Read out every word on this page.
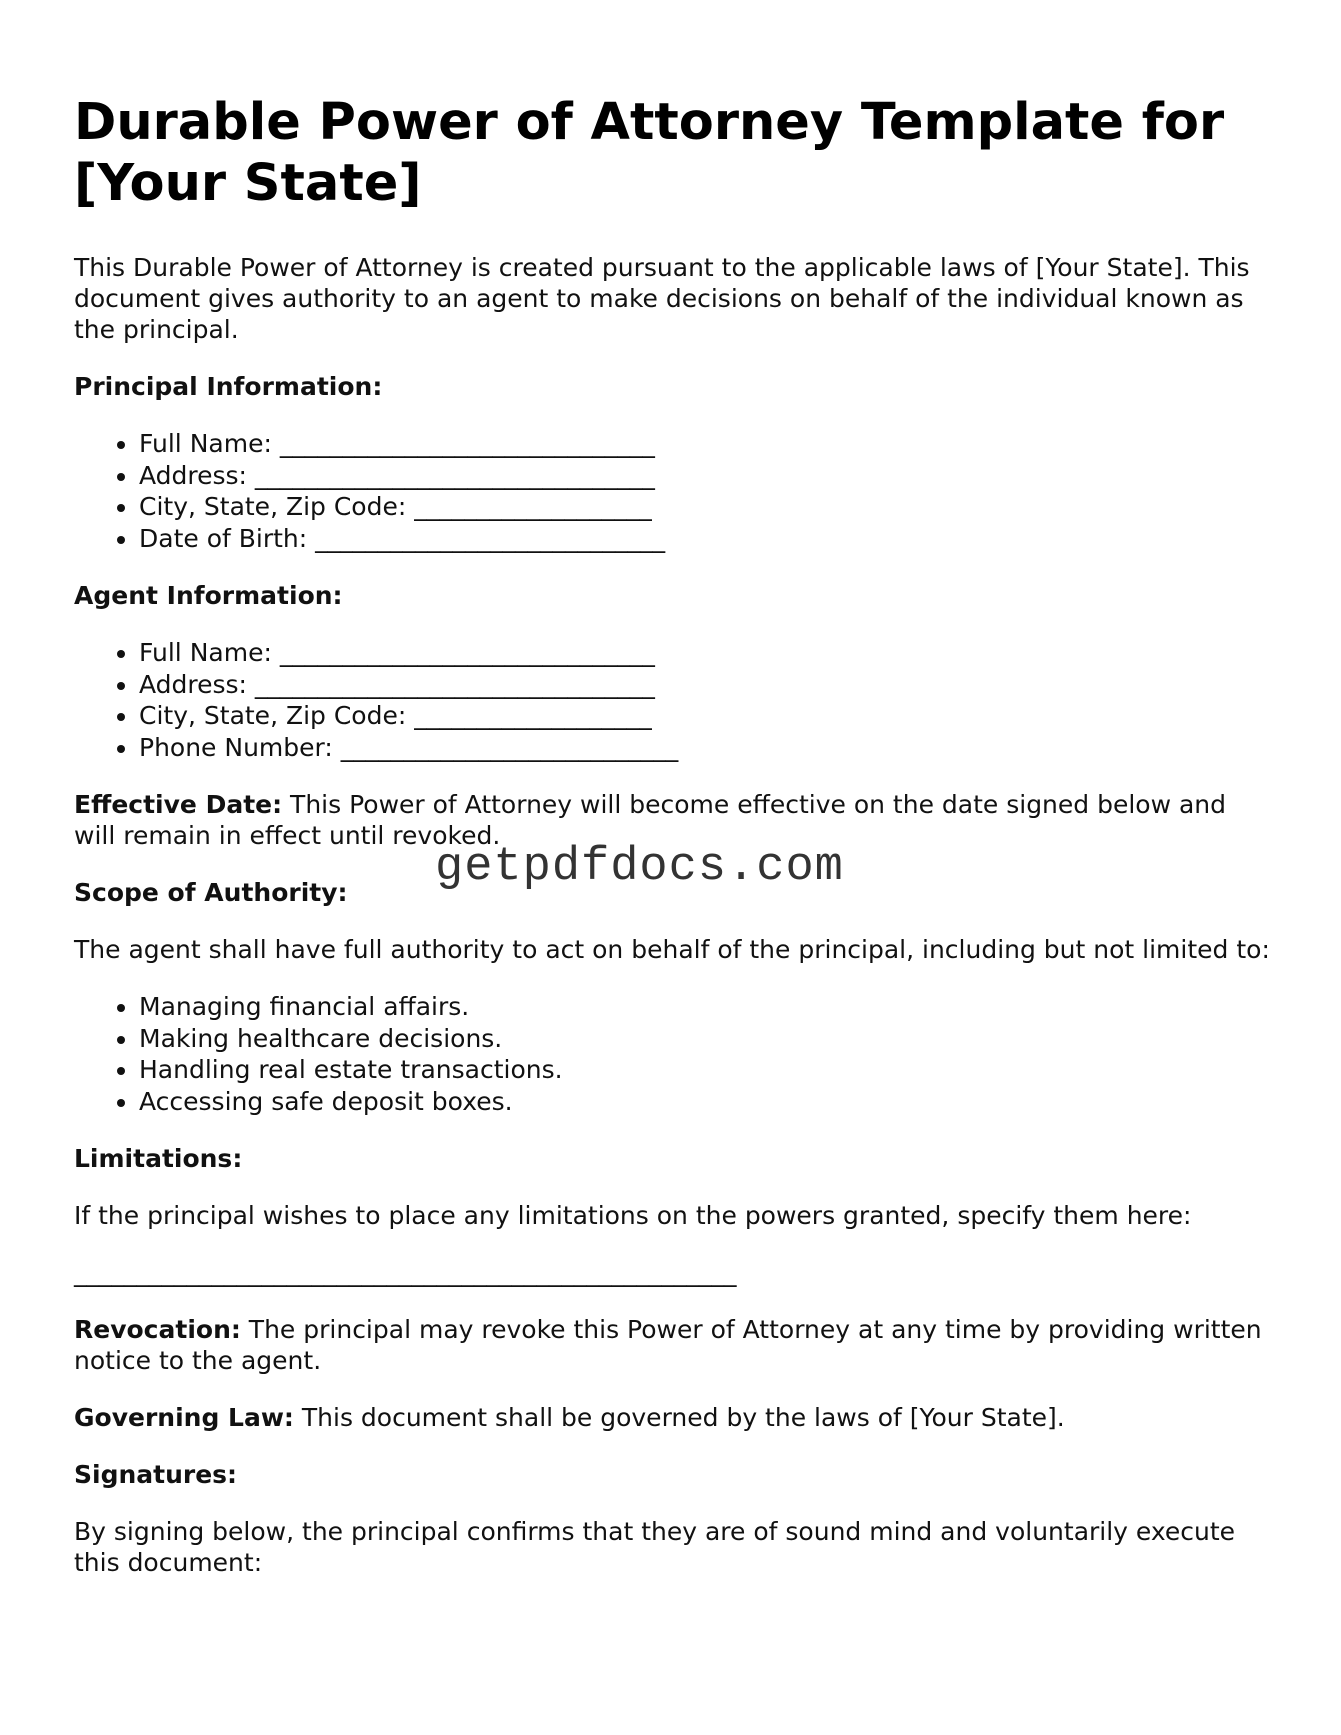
Durable Power of Attorney Template for [Your State]

This Durable Power of Attorney is created pursuant to the applicable laws of [Your State]. This document gives authority to an agent to make decisions on behalf of the individual known as the principal.

Principal Information:
• Full Name: ______________________________
• Address: ________________________________
• City, State, Zip Code: ___________________
• Date of Birth: ____________________________
Agent Information:
• Full Name: ______________________________
• Address: ________________________________
• City, State, Zip Code: ___________________
• Phone Number: ___________________________

Effective Date: This Power of Attorney will become effective on the date signed below and will remain in effect until revoked.

Scope of Authority:

The agent shall have full authority to act on behalf of the principal, including but not limited to:

• Managing financial affairs.
• Making healthcare decisions.
• Handling real estate transactions.
• Accessing safe deposit boxes.
Limitations:

If the principal wishes to place any limitations on the powers granted, specify them here:

_____________________________________________________

Revocation: The principal may revoke this Power of Attorney at any time by providing written notice to the agent.

Governing Law: This document shall be governed by the laws of [Your State].

Signatures:

By signing below, the principal confirms that they are of sound mind and voluntarily execute this document:

getpdfdocs.com
